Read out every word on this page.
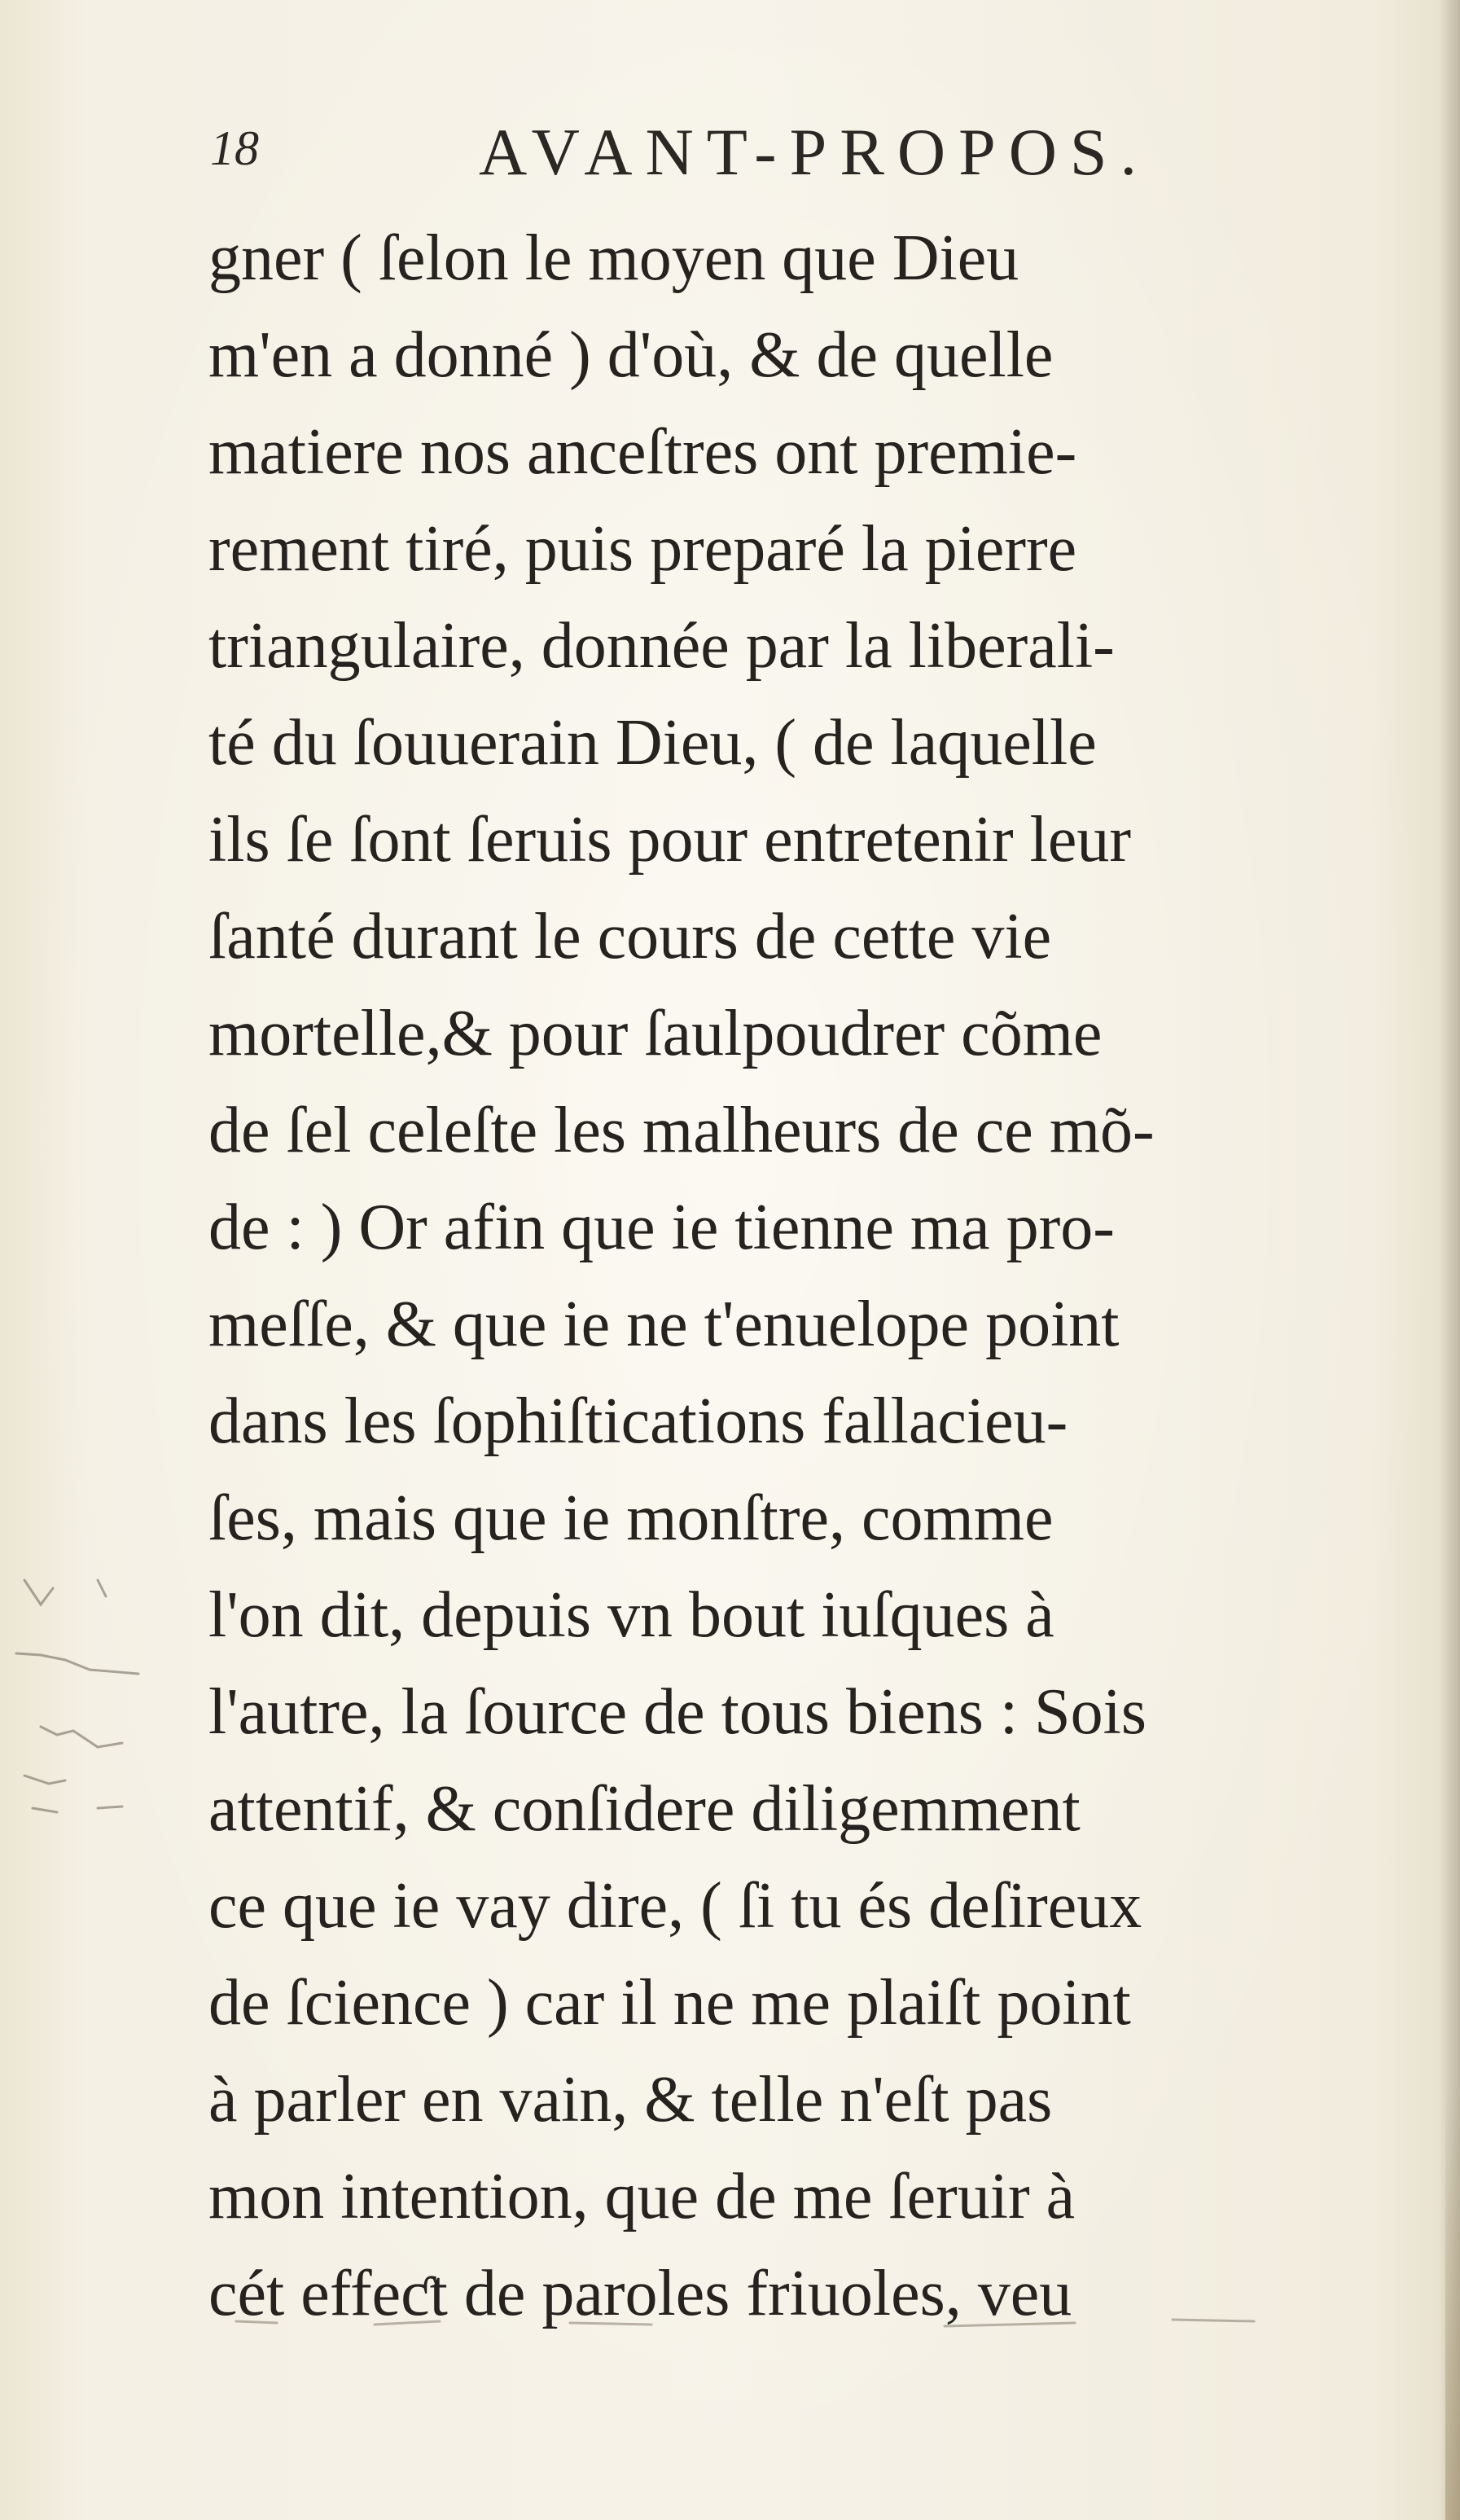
18	AVANT-PROPOS.
gner ( ſelon le moyen que Dieu
m'en a donné ) d'où, & de quelle
matiere nos anceſtres ont premie-
rement tiré, puis preparé la pierre
triangulaire, donnée par la liberali-
té du ſouuerain Dieu, ( de laquelle
ils ſe ſont ſeruis pour entretenir leur
ſanté durant le cours de cette vie
mortelle,& pour ſaulpoudrer cõme
de ſel celeſte les malheurs de ce mõ-
de : ) Or afin que ie tienne ma pro-
meſſe, & que ie ne t'enuelope point
dans les ſophiſtications fallacieu-
ſes, mais que ie monſtre, comme
l'on dit, depuis vn bout iuſques à
l'autre, la ſource de tous biens : Sois
attentif, & conſidere diligemment
ce que ie vay dire, ( ſi tu és deſireux
de ſcience ) car il ne me plaiſt point
à parler en vain, & telle n'eſt pas
mon intention, que de me ſeruir à
cét effeƈt de paroles friuoles, veu
